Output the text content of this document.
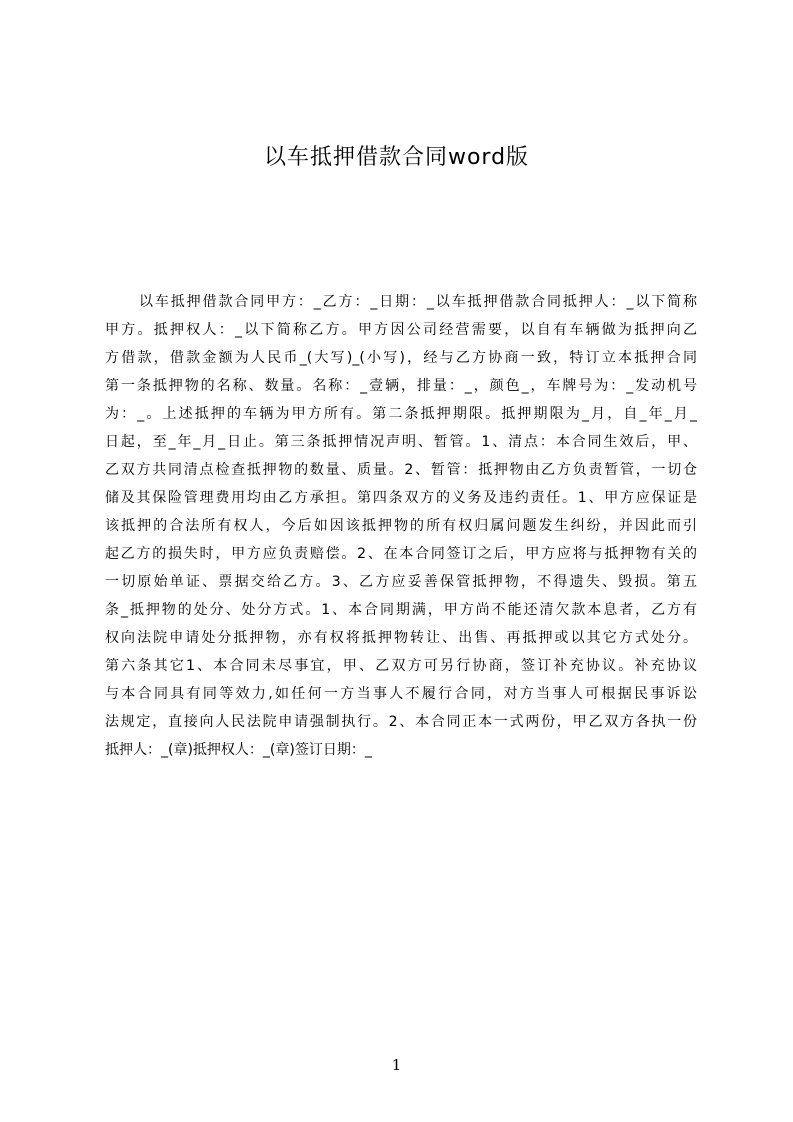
以车抵押借款合同word版
以车抵押借款合同甲方：_乙方：_日期：_以车抵押借款合同抵押人：_以下简称
甲方。抵押权人：_以下简称乙方。甲方因公司经营需要，以自有车辆做为抵押向乙
方借款，借款金额为人民币_(大写)_(小写)，经与乙方协商一致，特订立本抵押合同
第一条抵押物的名称、数量。名称：_壹辆，排量：_，颜色_，车牌号为：_发动机号
为：_。上述抵押的车辆为甲方所有。第二条抵押期限。抵押期限为_月，自_年_月_
日起，至_年_月_日止。第三条抵押情况声明、暂管。1、清点：本合同生效后，甲、
乙双方共同清点检查抵押物的数量、质量。2、暂管：抵押物由乙方负责暂管，一切仓
储及其保险管理费用均由乙方承担。第四条双方的义务及违约责任。1、甲方应保证是
该抵押的合法所有权人，今后如因该抵押物的所有权归属问题发生纠纷，并因此而引
起乙方的损失时，甲方应负责赔偿。2、在本合同签订之后，甲方应将与抵押物有关的
一切原始单证、票据交给乙方。3、乙方应妥善保管抵押物，不得遗失、毁损。第五
条_抵押物的处分、处分方式。1、本合同期满，甲方尚不能还清欠款本息者，乙方有
权向法院申请处分抵押物，亦有权将抵押物转让、出售、再抵押或以其它方式处分。
第六条其它1、本合同未尽事宜，甲、乙双方可另行协商，签订补充协议。补充协议
与本合同具有同等效力,如任何一方当事人不履行合同，对方当事人可根据民事诉讼
法规定，直接向人民法院申请强制执行。2、本合同正本一式两份，甲乙双方各执一份
抵押人：_(章)抵押权人：_(章)签订日期：_
1
